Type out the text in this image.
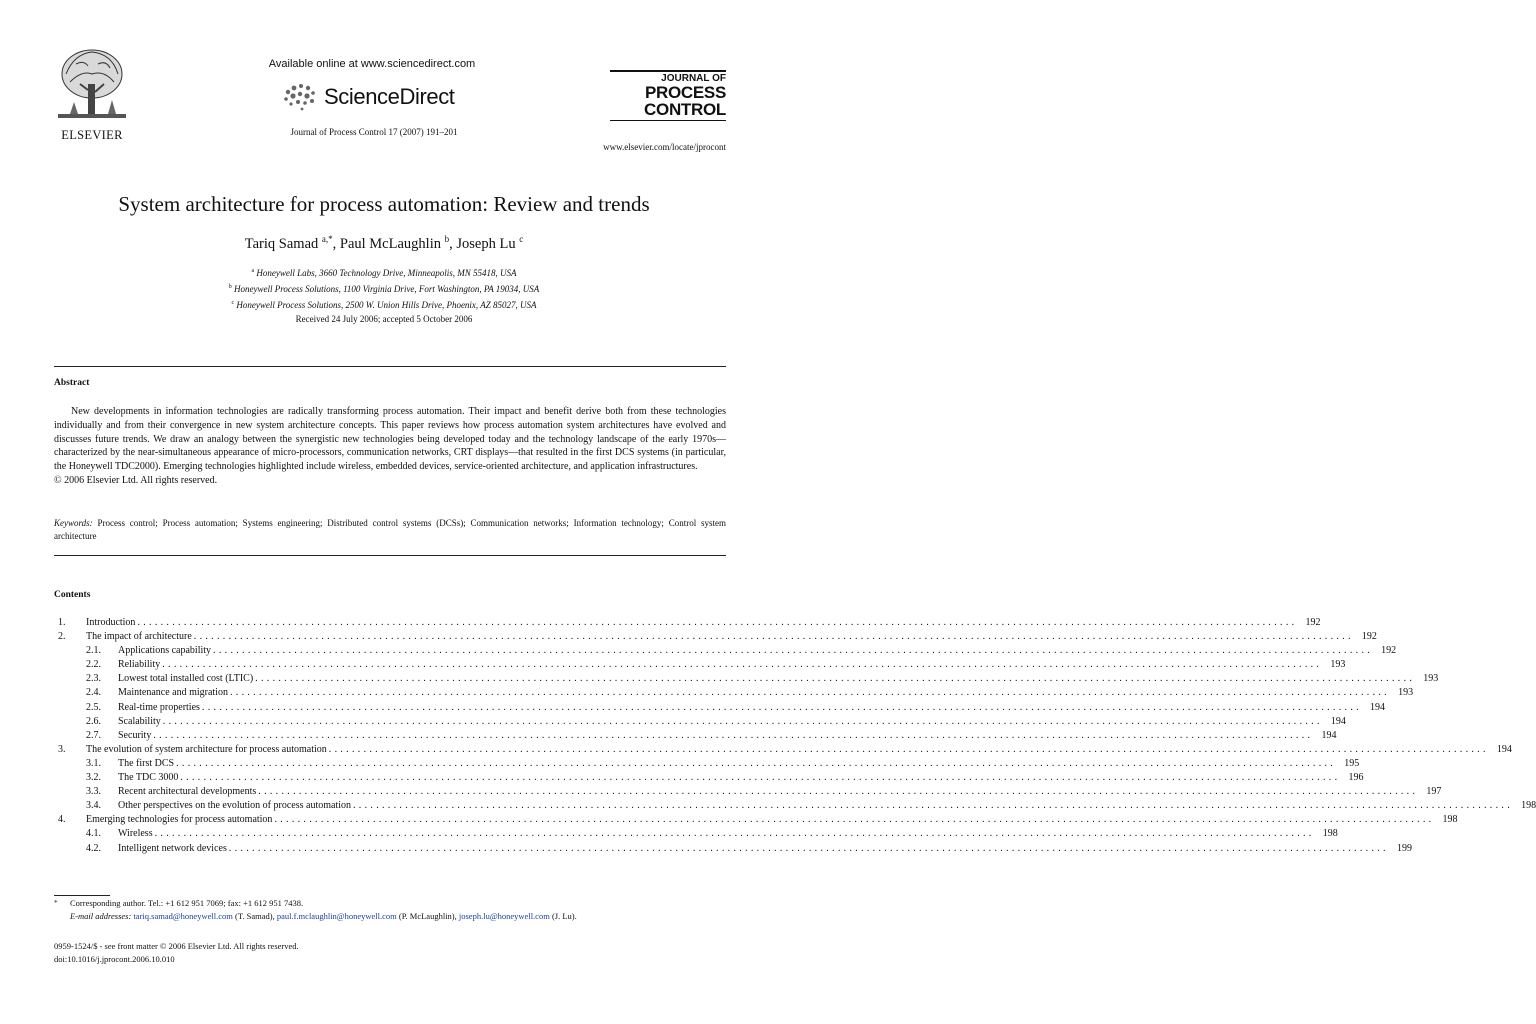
ELSEVIER
Available online at www.sciencedirect.com
ScienceDirect
Journal of Process Control 17 (2007) 191–201
JOURNAL OF
PROCESS
CONTROL
www.elsevier.com/locate/jprocont
System architecture for process automation: Review and trends
Tariq Samad $^{a,*}$, Paul McLaughlin $^b$, Joseph Lu $^c$
$^a$ Honeywell Labs, 3660 Technology Drive, Minneapolis, MN 55418, USA
$^b$ Honeywell Process Solutions, 1100 Virginia Drive, Fort Washington, PA 19034, USA
$^c$ Honeywell Process Solutions, 2500 W. Union Hills Drive, Phoenix, AZ 85027, USA
Received 24 July 2006; accepted 5 October 2006
Abstract
New developments in information technologies are radically transforming process automation. Their impact and benefit derive both from these technologies individually and from their convergence in new system architecture concepts. This paper reviews how process automation system architectures have evolved and discusses future trends. We draw an analogy between the synergistic new technologies being developed today and the technology landscape of the early 1970s—characterized by the near-simultaneous appearance of micro-processors, communication networks, CRT displays—that resulted in the first DCS systems (in particular, the Honeywell TDC2000). Emerging technologies highlighted include wireless, embedded devices, service-oriented architecture, and application infrastructures.
© 2006 Elsevier Ltd. All rights reserved.
Keywords: Process control; Process automation; Systems engineering; Distributed control systems (DCSs); Communication networks; Information technology; Control system architecture
Contents
1.	Introduction . . . . . . . . . . . . . . . . . . . . . . . . . . . . . . . . . . . . . . . . . . . . . . . . . . . . . . . . . . . . . . . . . . . . . . . . . . . . . . . . . . . . . . . . . . . . . . . . . . . . . . . . . . . . . . . . . . . . . . . . . . . . . . . . . . . . . . . . . . . . . . . . . . . . . . . . . . . . . . . . . . . . . . . . . . . . . . . . . . . . . . . . . . . . . . . . . . . . . . . .	192
2.	The impact of architecture . . . . . . . . . . . . . . . . . . . . . . . . . . . . . . . . . . . . . . . . . . . . . . . . . . . . . . . . . . . . . . . . . . . . . . . . . . . . . . . . . . . . . . . . . . . . . . . . . . . . . . . . . . . . . . . . . . . . . . . . . . . . . . . . . . . . . . . . . . . . . . . . . . . . . . . . . . . . . . . . . . . . . . . . . . . . . . . . . . . . . . . . . . . . . . . . . . . . . . . .	192
2.1.	Applications capability . . . . . . . . . . . . . . . . . . . . . . . . . . . . . . . . . . . . . . . . . . . . . . . . . . . . . . . . . . . . . . . . . . . . . . . . . . . . . . . . . . . . . . . . . . . . . . . . . . . . . . . . . . . . . . . . . . . . . . . . . . . . . . . . . . . . . . . . . . . . . . . . . . . . . . . . . . . . . . . . . . . . . . . . . . . . . . . . . . . . . . . . . . . . . . . . . . . . . . . .	192
2.2.	Reliability . . . . . . . . . . . . . . . . . . . . . . . . . . . . . . . . . . . . . . . . . . . . . . . . . . . . . . . . . . . . . . . . . . . . . . . . . . . . . . . . . . . . . . . . . . . . . . . . . . . . . . . . . . . . . . . . . . . . . . . . . . . . . . . . . . . . . . . . . . . . . . . . . . . . . . . . . . . . . . . . . . . . . . . . . . . . . . . . . . . . . . . . . . . . . . . . . . . . . . . .	193
2.3.	Lowest total installed cost (LTIC) . . . . . . . . . . . . . . . . . . . . . . . . . . . . . . . . . . . . . . . . . . . . . . . . . . . . . . . . . . . . . . . . . . . . . . . . . . . . . . . . . . . . . . . . . . . . . . . . . . . . . . . . . . . . . . . . . . . . . . . . . . . . . . . . . . . . . . . . . . . . . . . . . . . . . . . . . . . . . . . . . . . . . . . . . . . . . . . . . . . . . . . . . . . . . . . . . . . . . . . .	193
2.4.	Maintenance and migration . . . . . . . . . . . . . . . . . . . . . . . . . . . . . . . . . . . . . . . . . . . . . . . . . . . . . . . . . . . . . . . . . . . . . . . . . . . . . . . . . . . . . . . . . . . . . . . . . . . . . . . . . . . . . . . . . . . . . . . . . . . . . . . . . . . . . . . . . . . . . . . . . . . . . . . . . . . . . . . . . . . . . . . . . . . . . . . . . . . . . . . . . . . . . . . . . . . . . . . .	193
2.5.	Real-time properties . . . . . . . . . . . . . . . . . . . . . . . . . . . . . . . . . . . . . . . . . . . . . . . . . . . . . . . . . . . . . . . . . . . . . . . . . . . . . . . . . . . . . . . . . . . . . . . . . . . . . . . . . . . . . . . . . . . . . . . . . . . . . . . . . . . . . . . . . . . . . . . . . . . . . . . . . . . . . . . . . . . . . . . . . . . . . . . . . . . . . . . . . . . . . . . . . . . . . . . .	194
2.6.	Scalability . . . . . . . . . . . . . . . . . . . . . . . . . . . . . . . . . . . . . . . . . . . . . . . . . . . . . . . . . . . . . . . . . . . . . . . . . . . . . . . . . . . . . . . . . . . . . . . . . . . . . . . . . . . . . . . . . . . . . . . . . . . . . . . . . . . . . . . . . . . . . . . . . . . . . . . . . . . . . . . . . . . . . . . . . . . . . . . . . . . . . . . . . . . . . . . . . . . . . . . .	194
2.7.	Security . . . . . . . . . . . . . . . . . . . . . . . . . . . . . . . . . . . . . . . . . . . . . . . . . . . . . . . . . . . . . . . . . . . . . . . . . . . . . . . . . . . . . . . . . . . . . . . . . . . . . . . . . . . . . . . . . . . . . . . . . . . . . . . . . . . . . . . . . . . . . . . . . . . . . . . . . . . . . . . . . . . . . . . . . . . . . . . . . . . . . . . . . . . . . . . . . . . . . . . .	194
3.	The evolution of system architecture for process automation . . . . . . . . . . . . . . . . . . . . . . . . . . . . . . . . . . . . . . . . . . . . . . . . . . . . . . . . . . . . . . . . . . . . . . . . . . . . . . . . . . . . . . . . . . . . . . . . . . . . . . . . . . . . . . . . . . . . . . . . . . . . . . . . . . . . . . . . . . . . . . . . . . . . . . . . . . . . . . . . . . . . . . . . . . . . . . . . . . . . . . . . . . . . . . . . . . . . . . . .	194
3.1.	The first DCS . . . . . . . . . . . . . . . . . . . . . . . . . . . . . . . . . . . . . . . . . . . . . . . . . . . . . . . . . . . . . . . . . . . . . . . . . . . . . . . . . . . . . . . . . . . . . . . . . . . . . . . . . . . . . . . . . . . . . . . . . . . . . . . . . . . . . . . . . . . . . . . . . . . . . . . . . . . . . . . . . . . . . . . . . . . . . . . . . . . . . . . . . . . . . . . . . . . . . . . .	195
3.2.	The TDC 3000 . . . . . . . . . . . . . . . . . . . . . . . . . . . . . . . . . . . . . . . . . . . . . . . . . . . . . . . . . . . . . . . . . . . . . . . . . . . . . . . . . . . . . . . . . . . . . . . . . . . . . . . . . . . . . . . . . . . . . . . . . . . . . . . . . . . . . . . . . . . . . . . . . . . . . . . . . . . . . . . . . . . . . . . . . . . . . . . . . . . . . . . . . . . . . . . . . . . . . . . .	196
3.3.	Recent architectural developments . . . . . . . . . . . . . . . . . . . . . . . . . . . . . . . . . . . . . . . . . . . . . . . . . . . . . . . . . . . . . . . . . . . . . . . . . . . . . . . . . . . . . . . . . . . . . . . . . . . . . . . . . . . . . . . . . . . . . . . . . . . . . . . . . . . . . . . . . . . . . . . . . . . . . . . . . . . . . . . . . . . . . . . . . . . . . . . . . . . . . . . . . . . . . . . . . . . . . . . .	197
3.4.	Other perspectives on the evolution of process automation . . . . . . . . . . . . . . . . . . . . . . . . . . . . . . . . . . . . . . . . . . . . . . . . . . . . . . . . . . . . . . . . . . . . . . . . . . . . . . . . . . . . . . . . . . . . . . . . . . . . . . . . . . . . . . . . . . . . . . . . . . . . . . . . . . . . . . . . . . . . . . . . . . . . . . . . . . . . . . . . . . . . . . . . . . . . . . . . . . . . . . . . . . . . . . . . . . . . . . . .	198
4.	Emerging technologies for process automation . . . . . . . . . . . . . . . . . . . . . . . . . . . . . . . . . . . . . . . . . . . . . . . . . . . . . . . . . . . . . . . . . . . . . . . . . . . . . . . . . . . . . . . . . . . . . . . . . . . . . . . . . . . . . . . . . . . . . . . . . . . . . . . . . . . . . . . . . . . . . . . . . . . . . . . . . . . . . . . . . . . . . . . . . . . . . . . . . . . . . . . . . . . . . . . . . . . . . . . .	198
4.1.	Wireless . . . . . . . . . . . . . . . . . . . . . . . . . . . . . . . . . . . . . . . . . . . . . . . . . . . . . . . . . . . . . . . . . . . . . . . . . . . . . . . . . . . . . . . . . . . . . . . . . . . . . . . . . . . . . . . . . . . . . . . . . . . . . . . . . . . . . . . . . . . . . . . . . . . . . . . . . . . . . . . . . . . . . . . . . . . . . . . . . . . . . . . . . . . . . . . . . . . . . . . .	198
4.2.	Intelligent network devices . . . . . . . . . . . . . . . . . . . . . . . . . . . . . . . . . . . . . . . . . . . . . . . . . . . . . . . . . . . . . . . . . . . . . . . . . . . . . . . . . . . . . . . . . . . . . . . . . . . . . . . . . . . . . . . . . . . . . . . . . . . . . . . . . . . . . . . . . . . . . . . . . . . . . . . . . . . . . . . . . . . . . . . . . . . . . . . . . . . . . . . . . . . . . . . . . . . . . . . .	199
* Corresponding author. Tel.: +1 612 951 7069; fax: +1 612 951 7438.
E-mail addresses: tariq.samad@honeywell.com (T. Samad), paul.f.mclaughlin@honeywell.com (P. McLaughlin), joseph.lu@honeywell.com (J. Lu).
0959-1524/$ - see front matter © 2006 Elsevier Ltd. All rights reserved.
doi:10.1016/j.jprocont.2006.10.010
